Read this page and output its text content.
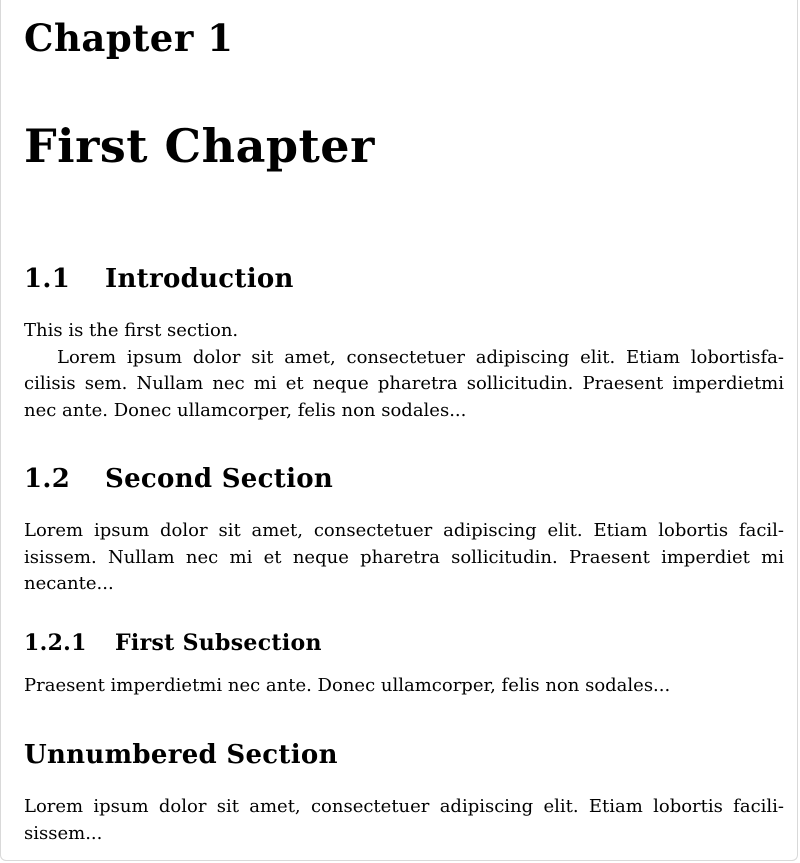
Chapter 1
First Chapter
1.1 Introduction
This is the first section.
Lorem ipsum dolor sit amet, consectetuer adipiscing elit. Etiam lobortisfa-
cilisis sem. Nullam nec mi et neque pharetra sollicitudin. Praesent imperdietmi
nec ante. Donec ullamcorper, felis non sodales...
1.2 Second Section
Lorem ipsum dolor sit amet, consectetuer adipiscing elit. Etiam lobortis facil-
isissem. Nullam nec mi et neque pharetra sollicitudin. Praesent imperdiet mi
necante...
1.2.1 First Subsection
Praesent imperdietmi nec ante. Donec ullamcorper, felis non sodales...
Unnumbered Section
Lorem ipsum dolor sit amet, consectetuer adipiscing elit. Etiam lobortis facili-
sissem...
